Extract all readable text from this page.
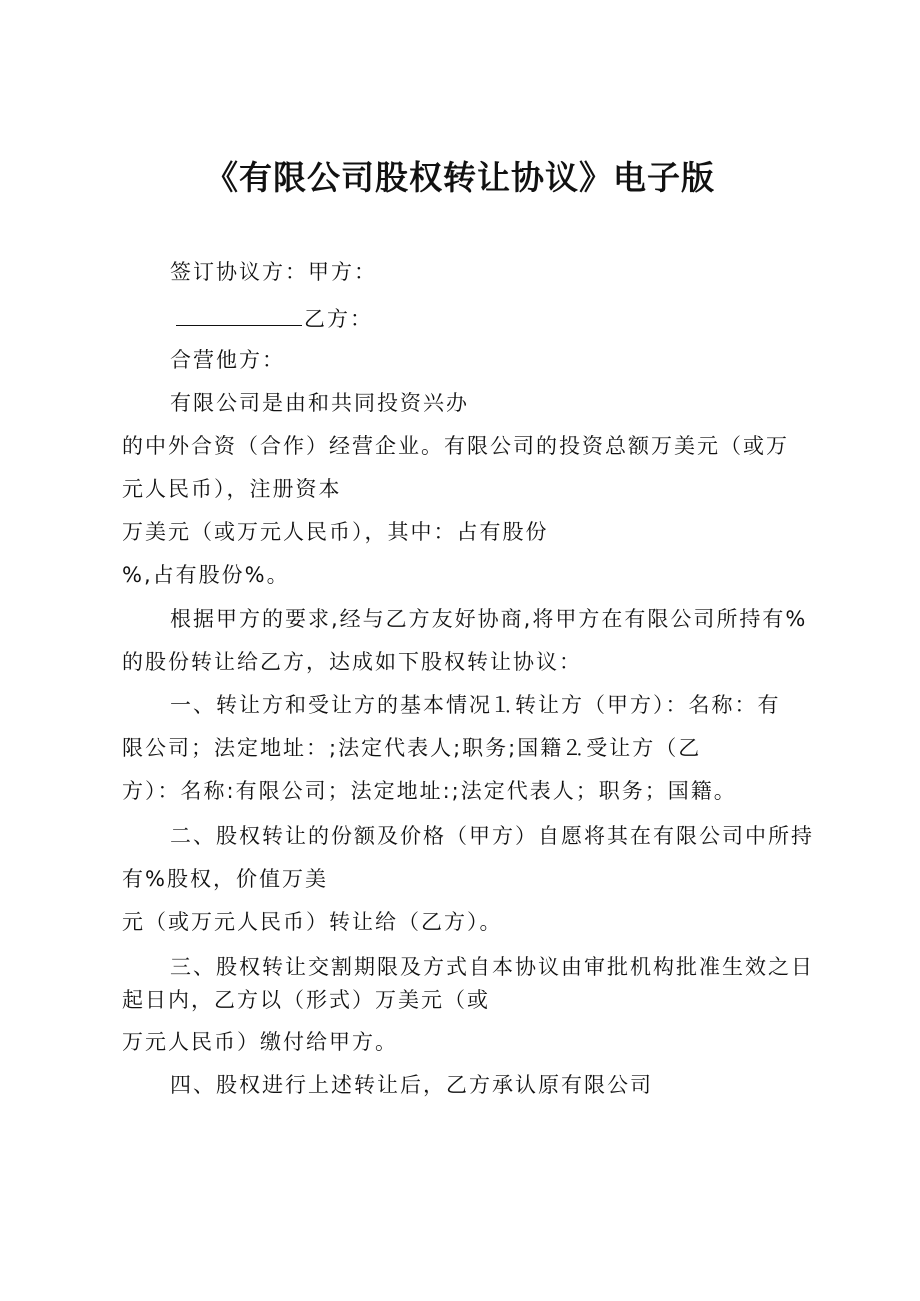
《有限公司股权转让协议》电子版

签订协议方：甲方：

乙方：

合营他方：

有限公司是由和共同投资兴办

的中外合资（合作）经营企业。有限公司的投资总额万美元（或万

元人民币），注册资本

万美元（或万元人民币），其中：占有股份

%,占有股份%。

根据甲方的要求,经与乙方友好协商,将甲方在有限公司所持有%

的股份转让给乙方，达成如下股权转让协议：

一、转让方和受让方的基本情况⒈转让方（甲方）：名称：有

限公司；法定地址：;法定代表人;职务;国籍⒉受让方（乙

方）：名称:有限公司；法定地址:;法定代表人；职务；国籍。

二、股权转让的份额及价格（甲方）自愿将其在有限公司中所持

有%股权，价值万美

元（或万元人民币）转让给（乙方）。

三、股权转让交割期限及方式自本协议由审批机构批准生效之日

起日内，乙方以（形式）万美元（或

万元人民币）缴付给甲方。

四、股权进行上述转让后，乙方承认原有限公司
